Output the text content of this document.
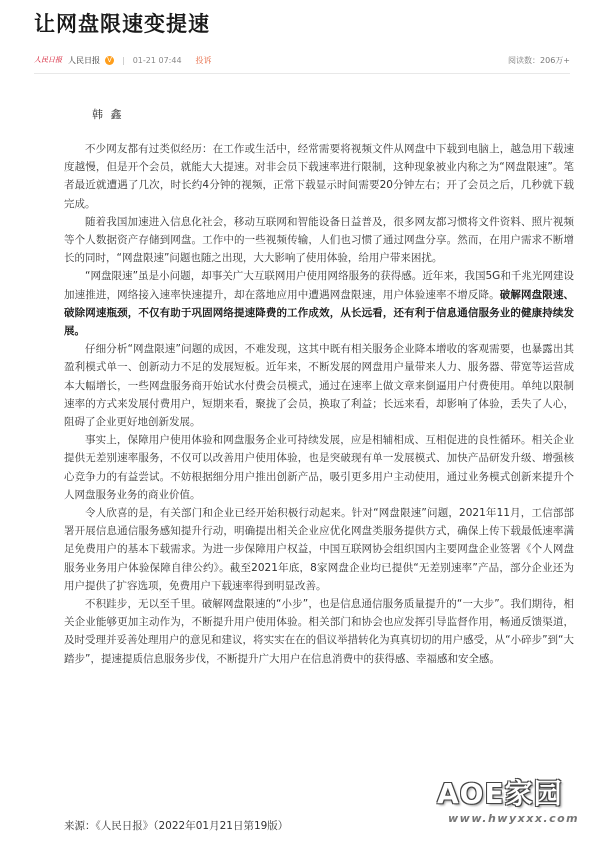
让网盘限速变提速
人民日报 人民日报 V | 01-21 07:44 投诉	阅读数：206万+
韩 鑫

不少网友都有过类似经历：在工作或生活中，经常需要将视频文件从网盘中下载到电脑上，越急用下载速度越慢，但是开个会员，就能大大提速。对非会员下载速率进行限制，这种现象被业内称之为“网盘限速”。笔者最近就遭遇了几次，时长约4分钟的视频，正常下载显示时间需要20分钟左右；开了会员之后，几秒就下载完成。

随着我国加速进入信息化社会，移动互联网和智能设备日益普及，很多网友都习惯将文件资料、照片视频等个人数据资产存储到网盘。工作中的一些视频传输，人们也习惯了通过网盘分享。然而，在用户需求不断增长的同时，“网盘限速”问题也随之出现，大大影响了使用体验，给用户带来困扰。

“网盘限速”虽是小问题，却事关广大互联网用户使用网络服务的获得感。近年来，我国5G和千兆光网建设加速推进，网络接入速率快速提升，却在落地应用中遭遇网盘限速，用户体验速率不增反降。破解网盘限速、破除网速瓶颈，不仅有助于巩固网络提速降费的工作成效，从长远看，还有利于信息通信服务业的健康持续发展。

仔细分析“网盘限速”问题的成因，不难发现，这其中既有相关服务企业降本增收的客观需要，也暴露出其盈利模式单一、创新动力不足的发展短板。近年来，不断发展的网盘用户量带来人力、服务器、带宽等运营成本大幅增长，一些网盘服务商开始试水付费会员模式，通过在速率上做文章来倒逼用户付费使用。单纯以限制速率的方式来发展付费用户，短期来看，聚拢了会员，换取了利益；长远来看，却影响了体验，丢失了人心，阻碍了企业更好地创新发展。

事实上，保障用户使用体验和网盘服务企业可持续发展，应是相辅相成、互相促进的良性循环。相关企业提供无差别速率服务，不仅可以改善用户使用体验，也是突破现有单一发展模式、加快产品研发升级、增强核心竞争力的有益尝试。不妨根据细分用户推出创新产品，吸引更多用户主动使用，通过业务模式创新来提升个人网盘服务业务的商业价值。

令人欣喜的是，有关部门和企业已经开始积极行动起来。针对“网盘限速”问题，2021年11月，工信部部署开展信息通信服务感知提升行动，明确提出相关企业应优化网盘类服务提供方式，确保上传下载最低速率满足免费用户的基本下载需求。为进一步保障用户权益，中国互联网协会组织国内主要网盘企业签署《个人网盘服务业务用户体验保障自律公约》。截至2021年底，8家网盘企业均已提供“无差别速率”产品，部分企业还为用户提供了扩容选项，免费用户下载速率得到明显改善。

不积跬步，无以至千里。破解网盘限速的“小步”，也是信息通信服务质量提升的“一大步”。我们期待，相关企业能够更加主动作为，不断提升用户使用体验。相关部门和协会也应发挥引导监督作用，畅通反馈渠道，及时受理并妥善处理用户的意见和建议，将实实在在的倡议举措转化为真真切切的用户感受，从“小碎步”到“大踏步”，提速提质信息服务步伐，不断提升广大用户在信息消费中的获得感、幸福感和安全感。

来源：《人民日报》（2022年01月21日第19版）
AOE家园
www.hwyxxx.com
